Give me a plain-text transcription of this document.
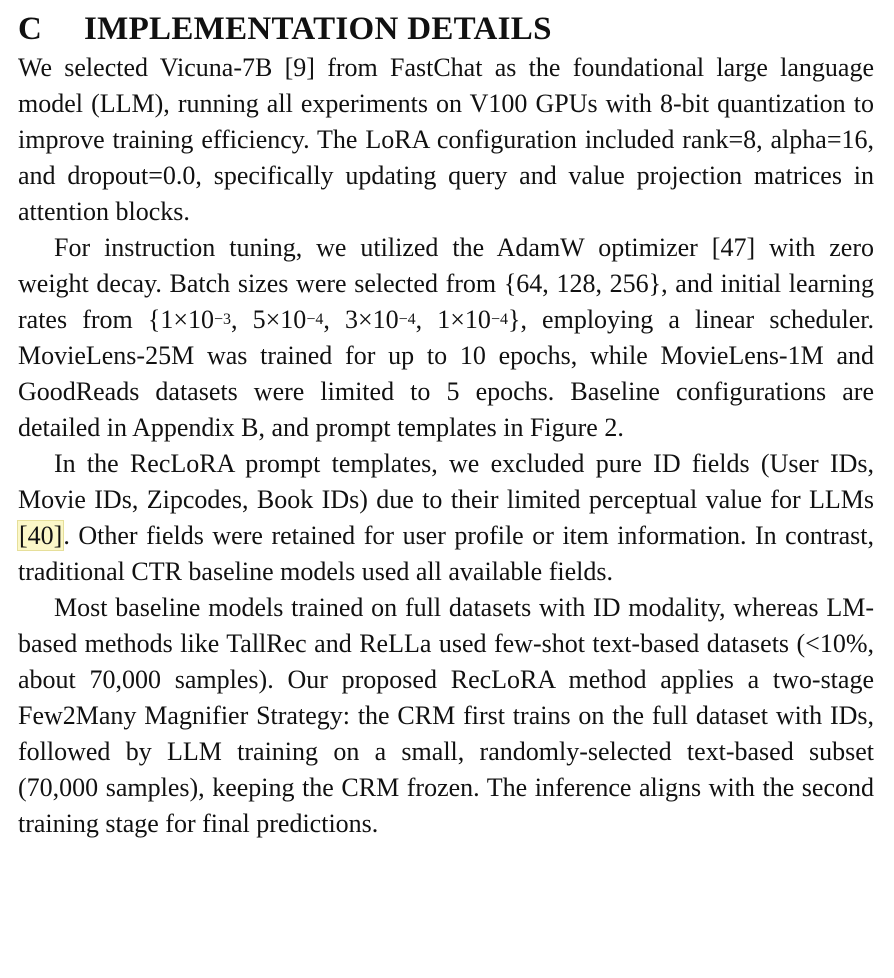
C IMPLEMENTATION DETAILS

We selected Vicuna-7B [9] from FastChat as the foundational large language model (LLM), running all experiments on V100 GPUs with 8-bit quantization to improve training efficiency. The LoRA configuration included rank=8, alpha=16, and dropout=0.0, specifically updating query and value projection matrices in attention blocks.

For instruction tuning, we utilized the AdamW optimizer [47] with zero weight decay. Batch sizes were selected from {64, 128, 256}, and initial learning rates from {$1\times 10^{-3}$, $5\times 10^{-4}$, $3\times 10^{-4}$, $1\times 10^{-4}$}, employing a linear scheduler. MovieLens-25M was trained for up to 10 epochs, while MovieLens-1M and GoodReads datasets were limited to 5 epochs. Baseline configurations are detailed in Appendix B, and prompt templates in Figure 2.

In the RecLoRA prompt templates, we excluded pure ID fields (User IDs, Movie IDs, Zipcodes, Book IDs) due to their limited perceptual value for LLMs [40]. Other fields were retained for user profile or item information. In contrast, traditional CTR baseline models used all available fields.

Most baseline models trained on full datasets with ID modality, whereas LM-based methods like TallRec and ReLLa used few-shot text-based datasets (<10%, about 70,000 samples). Our proposed RecLoRA method applies a two-stage Few2Many Magnifier Strategy: the CRM first trains on the full dataset with IDs, followed by LLM training on a small, randomly-selected text-based subset (70,000 samples), keeping the CRM frozen. The inference aligns with the second training stage for final predictions.
